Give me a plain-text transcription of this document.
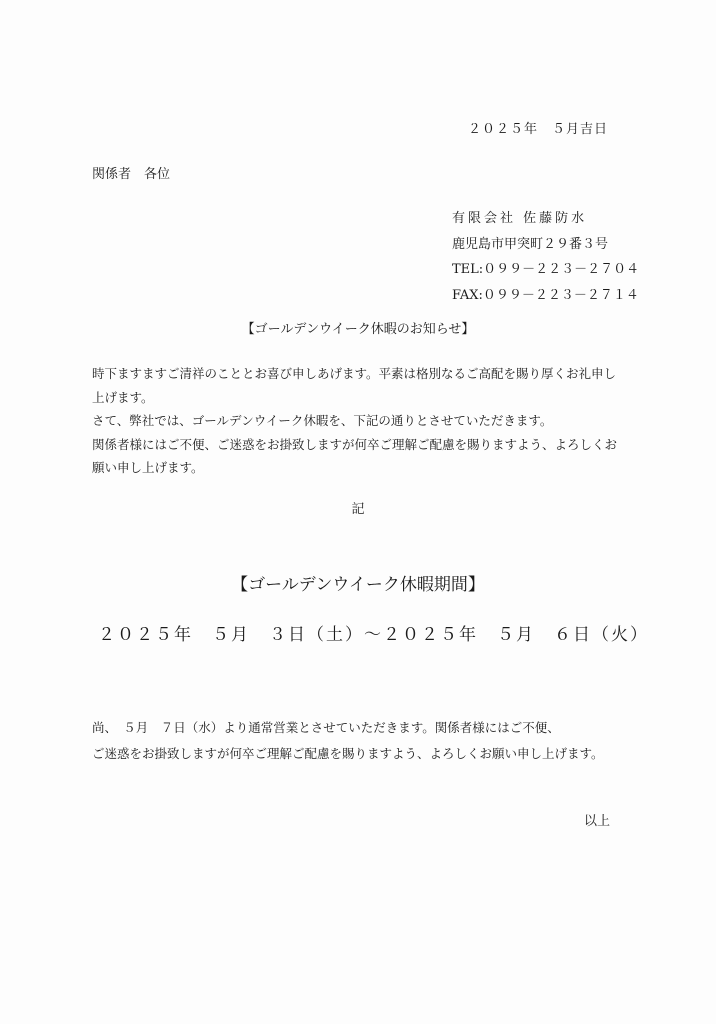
２０２５年　５月吉日
関係者　各位
有限会社 佐藤防水
鹿児島市甲突町２９番３号
TEL:０９９－２２３－２７０４
FAX:０９９－２２３－２７１４
【ゴールデンウイーク休暇のお知らせ】

時下ますますご清祥のこととお喜び申しあげます。平素は格別なるご高配を賜り厚くお礼申し上げます。

さて、弊社では、ゴールデンウイーク休暇を、下記の通りとさせていただきます。

関係者様にはご不便、ご迷惑をお掛致しますが何卒ご理解ご配慮を賜りますよう、よろしくお願い申し上げます。

記
【ゴールデンウイーク休暇期間】
２０２５年　５月　３日（土）～２０２５年　５月　６日（火）

尚、　５月　７日（水）より通常営業とさせていただきます。関係者様にはご不便、

ご迷惑をお掛致しますが何卒ご理解ご配慮を賜りますよう、よろしくお願い申し上げます。

以上
